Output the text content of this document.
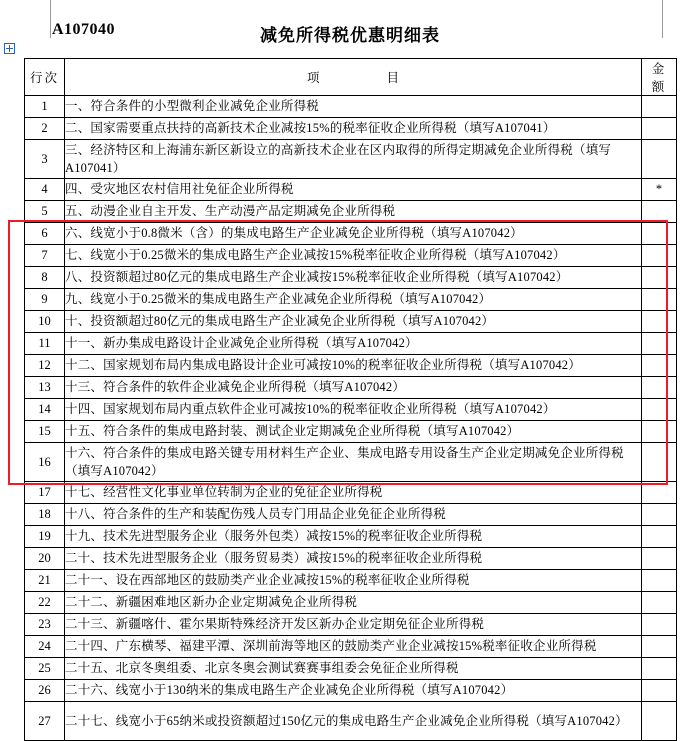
A107040	减免所得税优惠明细表
行次	项　　目	金 额
1	一、符合条件的小型微利企业减免企业所得税	
2	二、国家需要重点扶持的高新技术企业减按15%的税率征收企业所得税（填写A107041）	
3	三、经济特区和上海浦东新区新设立的高新技术企业在区内取得的所得定期减免企业所得税（填写A107041）	
4	四、受灾地区农村信用社免征企业所得税	*
5	五、动漫企业自主开发、生产动漫产品定期减免企业所得税	
6	六、线宽小于0.8微米（含）的集成电路生产企业减免企业所得税（填写A107042）	
7	七、线宽小于0.25微米的集成电路生产企业减按15%税率征收企业所得税（填写A107042）	
8	八、投资额超过80亿元的集成电路生产企业减按15%税率征收企业所得税（填写A107042）	
9	九、线宽小于0.25微米的集成电路生产企业减免企业所得税（填写A107042）	
10	十、投资额超过80亿元的集成电路生产企业减免企业所得税（填写A107042）	
11	十一、新办集成电路设计企业减免企业所得税（填写A107042）	
12	十二、国家规划布局内集成电路设计企业可减按10%的税率征收企业所得税（填写A107042）	
13	十三、符合条件的软件企业减免企业所得税（填写A107042）	
14	十四、国家规划布局内重点软件企业可减按10%的税率征收企业所得税（填写A107042）	
15	十五、符合条件的集成电路封装、测试企业定期减免企业所得税（填写A107042）	
16	十六、符合条件的集成电路关键专用材料生产企业、集成电路专用设备生产企业定期减免企业所得税（填写A107042）	
17	十七、经营性文化事业单位转制为企业的免征企业所得税	
18	十八、符合条件的生产和装配伤残人员专门用品企业免征企业所得税	
19	十九、技术先进型服务企业（服务外包类）减按15%的税率征收企业所得税	
20	二十、技术先进型服务企业（服务贸易类）减按15%的税率征收企业所得税	
21	二十一、设在西部地区的鼓励类产业企业减按15%的税率征收企业所得税	
22	二十二、新疆困难地区新办企业定期减免企业所得税	
23	二十三、新疆喀什、霍尔果斯特殊经济开发区新办企业定期免征企业所得税	
24	二十四、广东横琴、福建平潭、深圳前海等地区的鼓励类产业企业减按15%税率征收企业所得税	
25	二十五、北京冬奥组委、北京冬奥会测试赛赛事组委会免征企业所得税	
26	二十六、线宽小于130纳米的集成电路生产企业减免企业所得税（填写A107042）	
27	二十七、线宽小于65纳米或投资额超过150亿元的集成电路生产企业减免企业所得税（填写A107042）	
